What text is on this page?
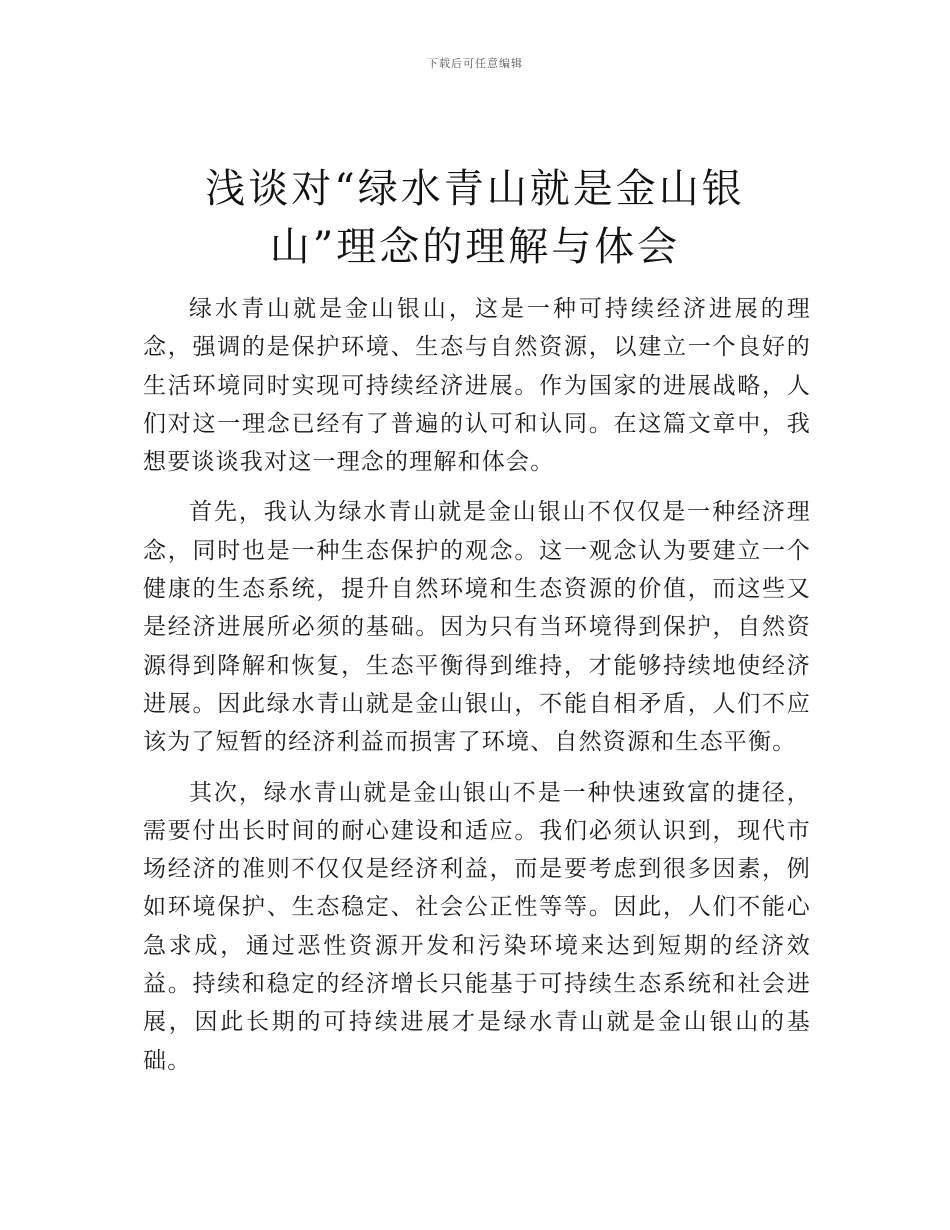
下载后可任意编辑
浅谈对“绿水青山就是金山银
山”理念的理解与体会

绿水青山就是金山银山，这是一种可持续经济进展的理念，强调的是保护环境、生态与自然资源，以建立一个良好的生活环境同时实现可持续经济进展。作为国家的进展战略，人们对这一理念已经有了普遍的认可和认同。在这篇文章中，我想要谈谈我对这一理念的理解和体会。

首先，我认为绿水青山就是金山银山不仅仅是一种经济理念，同时也是一种生态保护的观念。这一观念认为要建立一个健康的生态系统，提升自然环境和生态资源的价值，而这些又是经济进展所必须的基础。因为只有当环境得到保护，自然资源得到降解和恢复，生态平衡得到维持，才能够持续地使经济进展。因此绿水青山就是金山银山，不能自相矛盾，人们不应该为了短暂的经济利益而损害了环境、自然资源和生态平衡。

其次，绿水青山就是金山银山不是一种快速致富的捷径，需要付出长时间的耐心建设和适应。我们必须认识到，现代市场经济的准则不仅仅是经济利益，而是要考虑到很多因素，例如环境保护、生态稳定、社会公正性等等。因此，人们不能心急求成，通过恶性资源开发和污染环境来达到短期的经济效益。持续和稳定的经济增长只能基于可持续生态系统和社会进展，因此长期的可持续进展才是绿水青山就是金山银山的基础。
